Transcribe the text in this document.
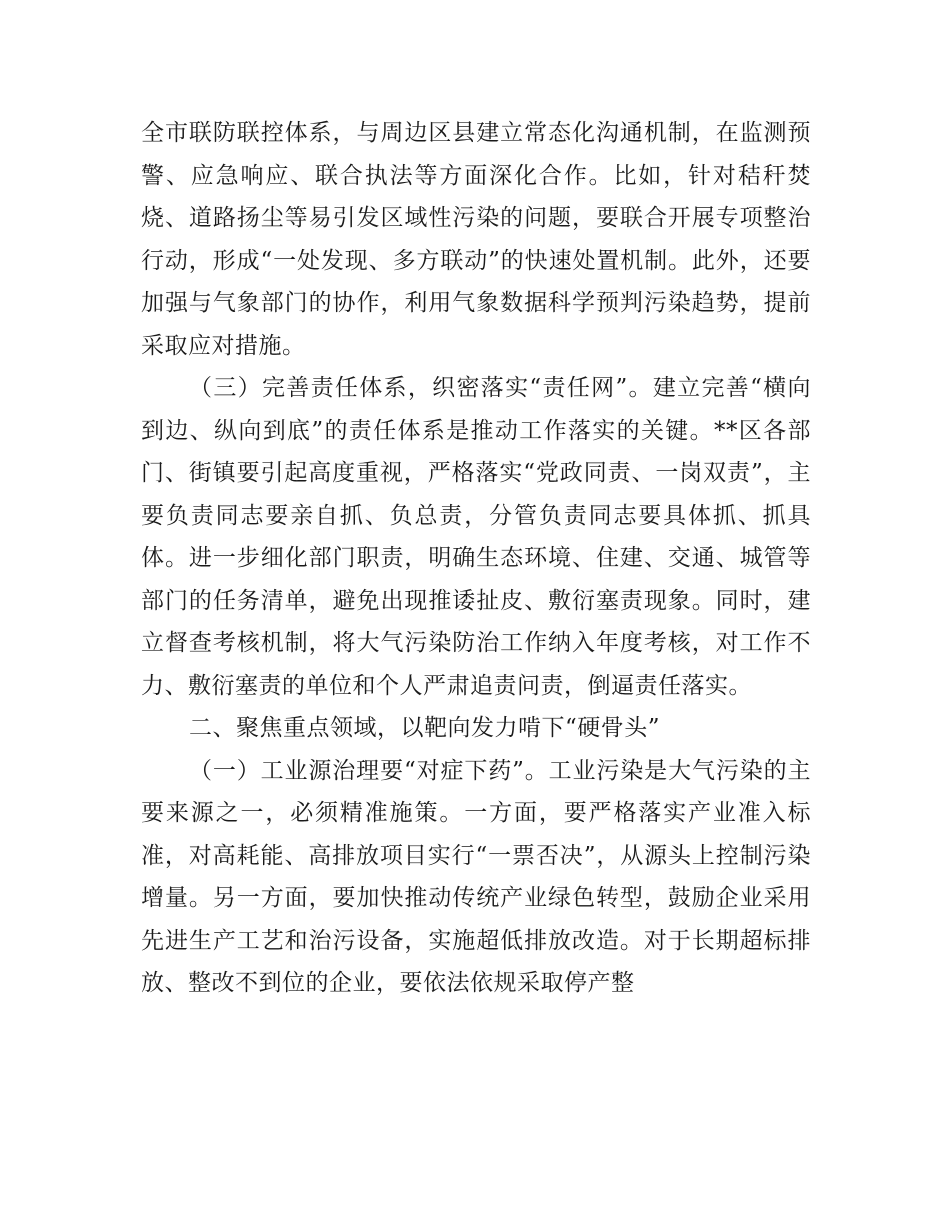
全市联防联控体系，与周边区县建立常态化沟通机制，在监测预警、应急响应、联合执法等方面深化合作。比如，针对秸秆焚烧、道路扬尘等易引发区域性污染的问题，要联合开展专项整治行动，形成“一处发现、多方联动”的快速处置机制。此外，还要加强与气象部门的协作，利用气象数据科学预判污染趋势，提前采取应对措施。

（三）完善责任体系，织密落实“责任网”。建立完善“横向到边、纵向到底”的责任体系是推动工作落实的关键。**区各部门、街镇要引起高度重视，严格落实“党政同责、一岗双责”，主要负责同志要亲自抓、负总责，分管负责同志要具体抓、抓具体。进一步细化部门职责，明确生态环境、住建、交通、城管等部门的任务清单，避免出现推诿扯皮、敷衍塞责现象。同时，建立督查考核机制，将大气污染防治工作纳入年度考核，对工作不力、敷衍塞责的单位和个人严肃追责问责，倒逼责任落实。

二、聚焦重点领域，以靶向发力啃下“硬骨头”

（一）工业源治理要“对症下药”。工业污染是大气污染的主要来源之一，必须精准施策。一方面，要严格落实产业准入标准，对高耗能、高排放项目实行“一票否决”，从源头上控制污染增量。另一方面，要加快推动传统产业绿色转型，鼓励企业采用先进生产工艺和治污设备，实施超低排放改造。对于长期超标排放、整改不到位的企业，要依法依规采取停产整
